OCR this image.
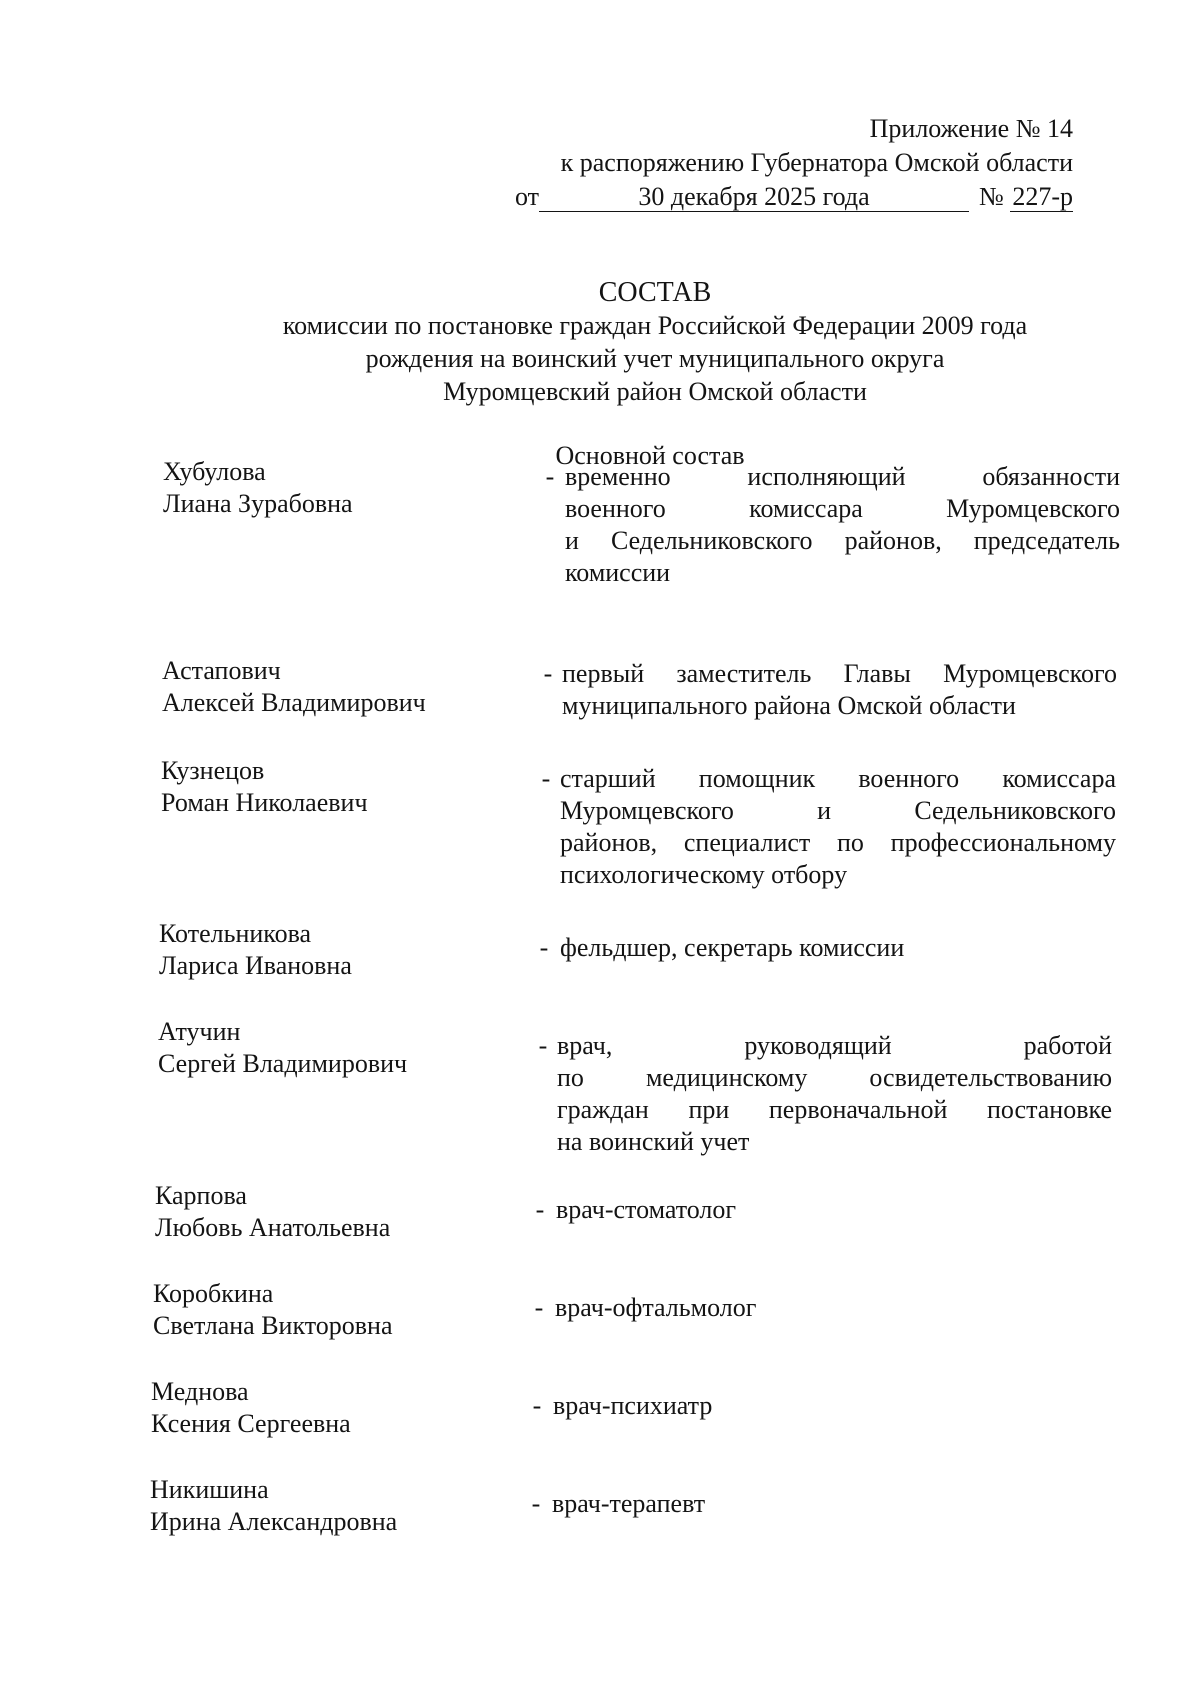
Приложение № 14
к распоряжению Губернатора Омской области
от	30 декабря 2025 года	№ 227-р
СОСТАВ
комиссии по постановке граждан Российской Федерации 2009 года
рождения на воинский учет муниципального округа
Муромцевский район Омской области
Основной состав
Хубулова
Лиана Зурабовна
- временно исполняющий обязанности
военного комиссара Муромцевского
и Седельниковского районов, председатель
комиссии
Астапович
Алексей Владимирович
- первый заместитель Главы Муромцевского
муниципального района Омской области
Кузнецов
Роман Николаевич
- старший помощник военного комиссара
Муромцевского и Седельниковского
районов, специалист по профессиональному
психологическому отбору
Котельникова
Лариса Ивановна
- фельдшер, секретарь комиссии
Атучин
Сергей Владимирович
- врач, руководящий работой
по медицинскому освидетельствованию
граждан при первоначальной постановке
на воинский учет
Карпова
Любовь Анатольевна
- врач-стоматолог
Коробкина
Светлана Викторовна
- врач-офтальмолог
Меднова
Ксения Сергеевна
- врач-психиатр
Никишина
Ирина Александровна
- врач-терапевт
